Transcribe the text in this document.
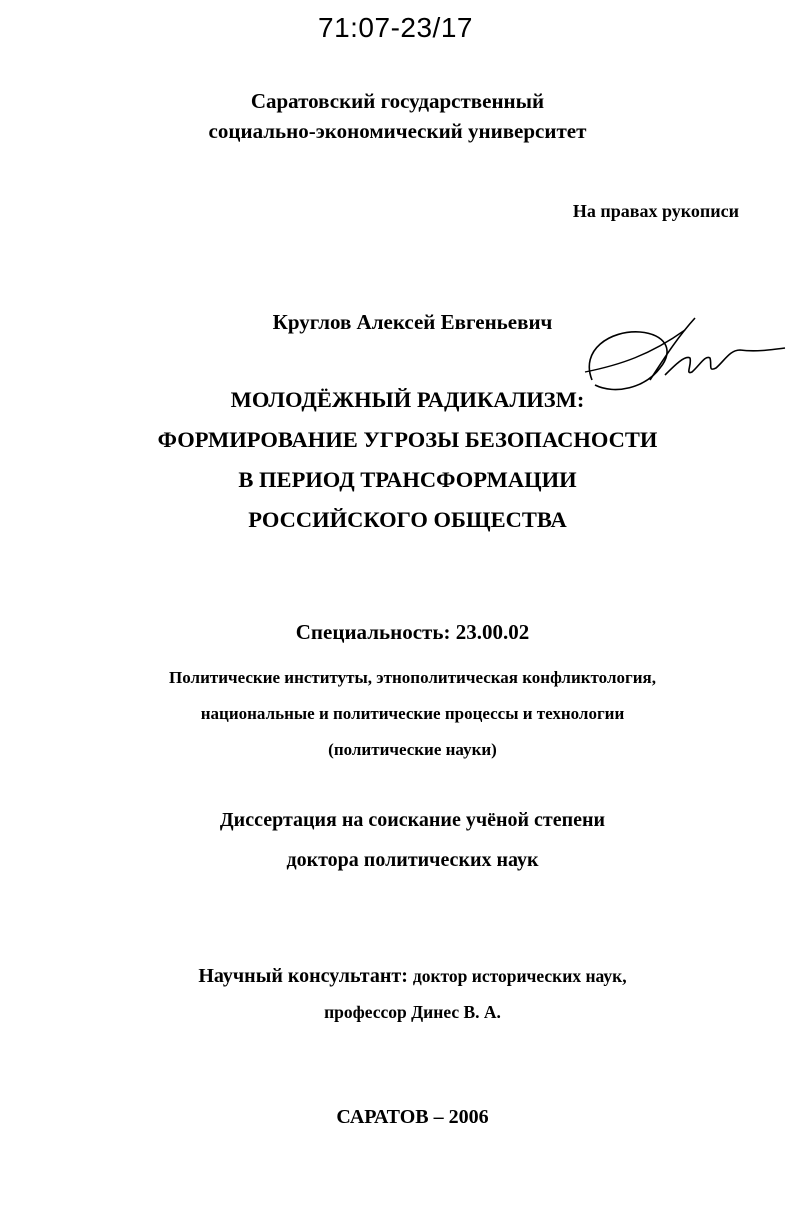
71:07-23/17
Саратовский государственный
социально-экономический университет
На правах рукописи
Круглов Алексей Евгеньевич
МОЛОДЁЖНЫЙ РАДИКАЛИЗМ:
ФОРМИРОВАНИЕ УГРОЗЫ БЕЗОПАСНОСТИ
В ПЕРИОД ТРАНСФОРМАЦИИ
РОССИЙСКОГО ОБЩЕСТВА
Специальность: 23.00.02
Политические институты, этнополитическая конфликтология,
национальные и политические процессы и технологии
(политические науки)
Диссертация на соискание учёной степени
доктора политических наук
Научный консультант: доктор исторических наук,
профессор Динес В. А.
САРАТОВ – 2006
